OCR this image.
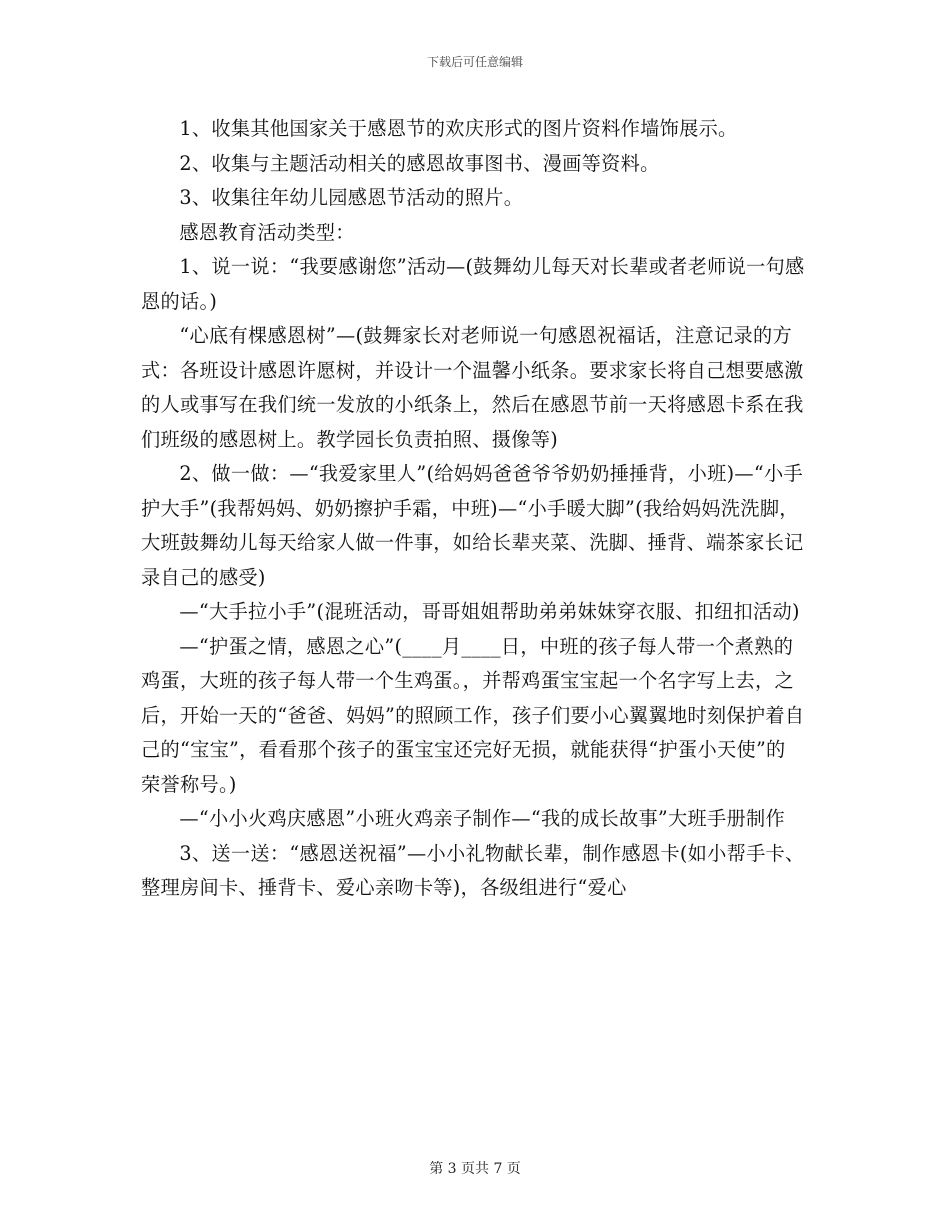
下载后可任意编辑

1、收集其他国家关于感恩节的欢庆形式的图片资料作墙饰展示。

2、收集与主题活动相关的感恩故事图书、漫画等资料。

3、收集往年幼儿园感恩节活动的照片。

感恩教育活动类型：

1、说一说：“我要感谢您”活动—(鼓舞幼儿每天对长辈或者老师说一句感恩的话。)

“心底有棵感恩树”—(鼓舞家长对老师说一句感恩祝福话，注意记录的方式：各班设计感恩许愿树，并设计一个温馨小纸条。要求家长将自己想要感激的人或事写在我们统一发放的小纸条上，然后在感恩节前一天将感恩卡系在我们班级的感恩树上。教学园长负责拍照、摄像等)

2、做一做：—“我爱家里人”(给妈妈爸爸爷爷奶奶捶捶背，小班)—“小手护大手”(我帮妈妈、奶奶擦护手霜，中班)—“小手暖大脚”(我给妈妈洗洗脚，大班鼓舞幼儿每天给家人做一件事，如给长辈夹菜、洗脚、捶背、端茶家长记录自己的感受)

—“大手拉小手”(混班活动，哥哥姐姐帮助弟弟妹妹穿衣服、扣纽扣活动)

—“护蛋之情，感恩之心”(____月____日，中班的孩子每人带一个煮熟的鸡蛋，大班的孩子每人带一个生鸡蛋。，并帮鸡蛋宝宝起一个名字写上去，之后，开始一天的“爸爸、妈妈”的照顾工作，孩子们要小心翼翼地时刻保护着自己的“宝宝”，看看那个孩子的蛋宝宝还完好无损，就能获得“护蛋小天使”的荣誉称号。)

—“小小火鸡庆感恩”小班火鸡亲子制作—“我的成长故事”大班手册制作

3、送一送：“感恩送祝福”—小小礼物献长辈，制作感恩卡(如小帮手卡、整理房间卡、捶背卡、爱心亲吻卡等)，各级组进行“爱心

第 3 页共 7 页
